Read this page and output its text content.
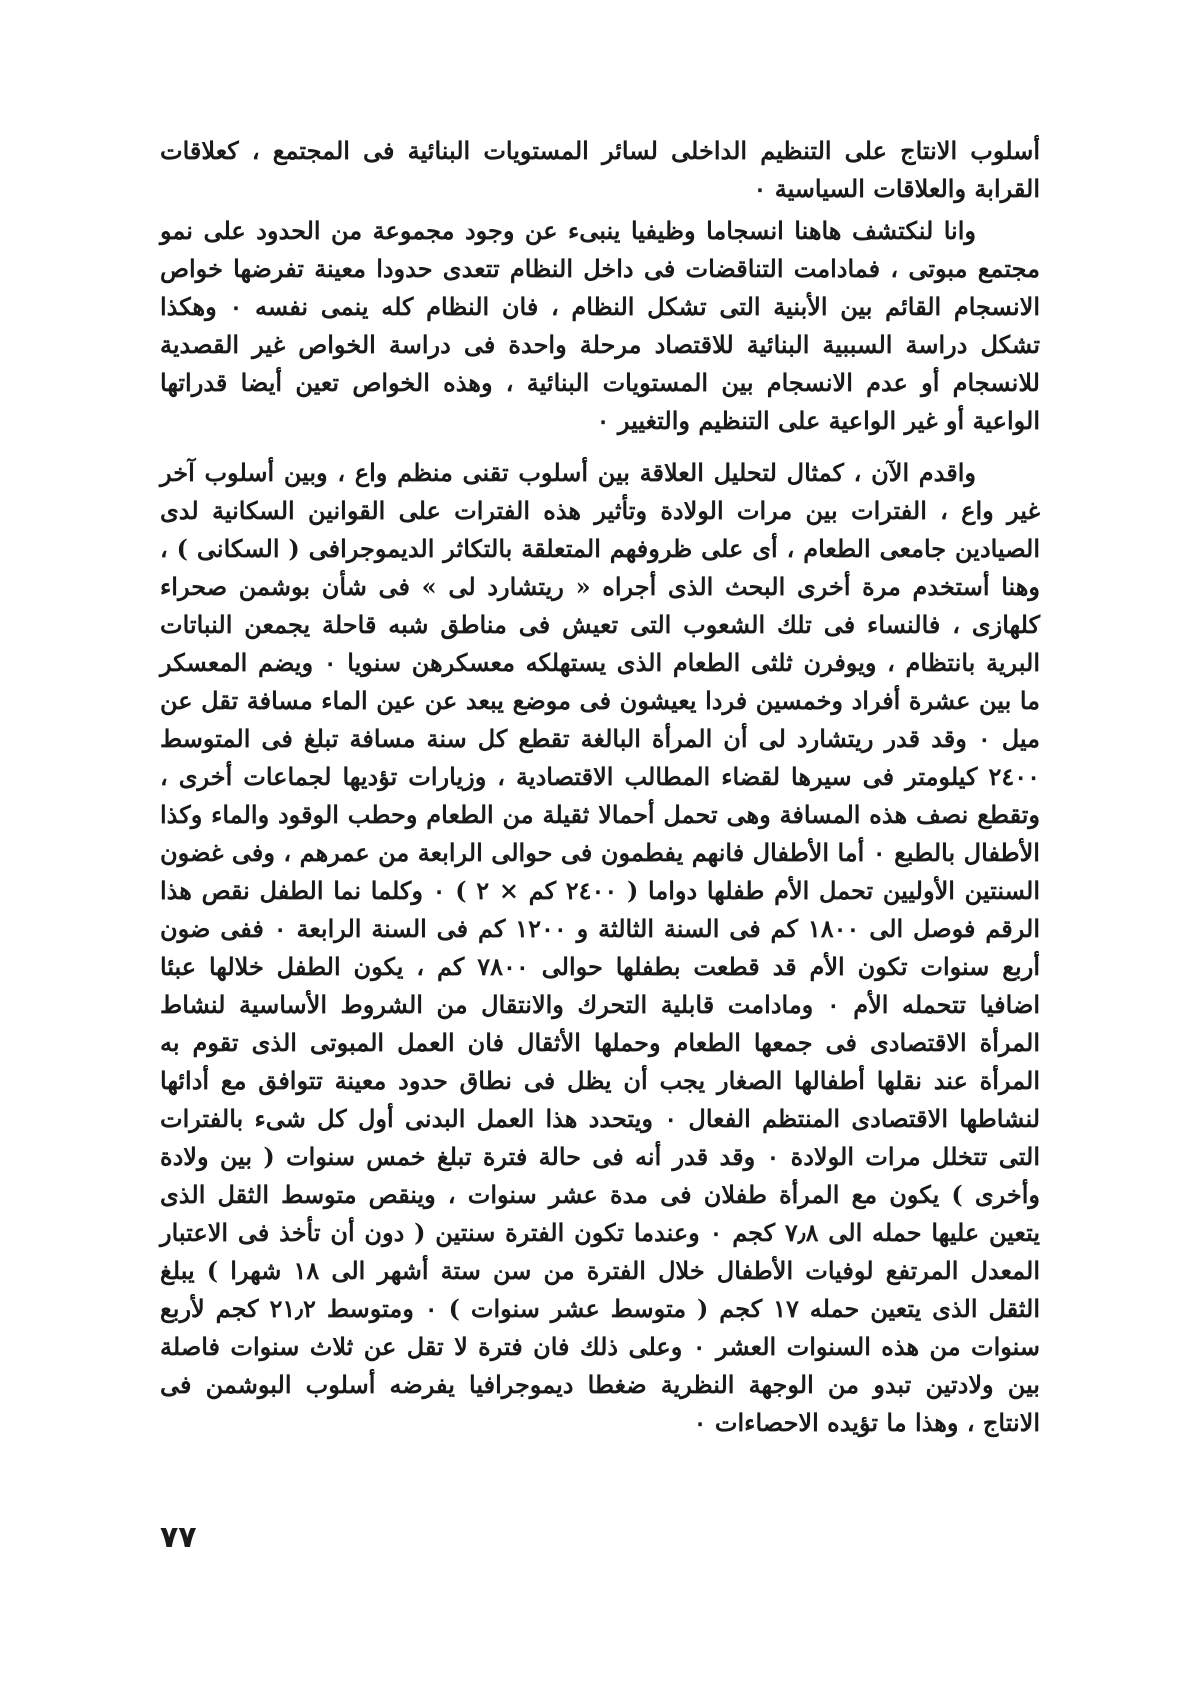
أسلوب الانتاج على التنظيم الداخلى لسائر المستويات البنائية فى المجتمع ، كعلاقات القرابة والعلاقات السياسية ٠

وانا لنكتشف هاهنا انسجاما وظيفيا ينبىء عن وجود مجموعة من الحدود على نمو مجتمع مبوتى ، فمادامت التناقضات فى داخل النظام تتعدى حدودا معينة تفرضها خواص الانسجام القائم بين الأبنية التى تشكل النظام ، فان النظام كله ينمى نفسه ٠ وهكذا تشكل دراسة السببية البنائية للاقتصاد مرحلة واحدة فى دراسة الخواص غير القصدية للانسجام أو عدم الانسجام بين المستويات البنائية ، وهذه الخواص تعين أيضا قدراتها الواعية أو غير الواعية على التنظيم والتغيير ٠

واقدم الآن ، كمثال لتحليل العلاقة بين أسلوب تقنى منظم واع ، وبين أسلوب آخر غير واع ، الفترات بين مرات الولادة وتأثير هذه الفترات على القوانين السكانية لدى الصيادين جامعى الطعام ، أى على ظروفهم المتعلقة بالتكاثر الديموجرافى ( السكانى ) ، وهنا أستخدم مرة أخرى البحث الذى أجراه « ريتشارد لى » فى شأن بوشمن صحراء كلهازى ، فالنساء فى تلك الشعوب التى تعيش فى مناطق شبه قاحلة يجمعن النباتات البرية بانتظام ، ويوفرن ثلثى الطعام الذى يستهلكه معسكرهن سنويا ٠ ويضم المعسكر ما بين عشرة أفراد وخمسين فردا يعيشون فى موضع يبعد عن عين الماء مسافة تقل عن ميل ٠ وقد قدر ريتشارد لى أن المرأة البالغة تقطع كل سنة مسافة تبلغ فى المتوسط ٢٤٠٠ كيلومتر فى سيرها لقضاء المطالب الاقتصادية ، وزيارات تؤديها لجماعات أخرى ، وتقطع نصف هذه المسافة وهى تحمل أحمالا ثقيلة من الطعام وحطب الوقود والماء وكذا الأطفال بالطبع ٠ أما الأطفال فانهم يفطمون فى حوالى الرابعة من عمرهم ، وفى غضون السنتين الأوليين تحمل الأم طفلها دواما ( ٢٤٠٠ كم × ٢ ) ٠ وكلما نما الطفل نقص هذا الرقم فوصل الى ١٨٠٠ كم فى السنة الثالثة و ١٢٠٠ كم فى السنة الرابعة ٠ ففى ضون أربع سنوات تكون الأم قد قطعت بطفلها حوالى ٧٨٠٠ كم ، يكون الطفل خلالها عبئا اضافيا تتحمله الأم ٠ ومادامت قابلية التحرك والانتقال من الشروط الأساسية لنشاط المرأة الاقتصادى فى جمعها الطعام وحملها الأثقال فان العمل المبوتى الذى تقوم به المرأة عند نقلها أطفالها الصغار يجب أن يظل فى نطاق حدود معينة تتوافق مع أدائها لنشاطها الاقتصادى المنتظم الفعال ٠ ويتحدد هذا العمل البدنى أول كل شىء بالفترات التى تتخلل مرات الولادة ٠ وقد قدر أنه فى حالة فترة تبلغ خمس سنوات ( بين ولادة وأخرى ) يكون مع المرأة طفلان فى مدة عشر سنوات ، وينقص متوسط الثقل الذى يتعين عليها حمله الى ٧٫٨ كجم ٠ وعندما تكون الفترة سنتين ( دون أن تأخذ فى الاعتبار المعدل المرتفع لوفيات الأطفال خلال الفترة من سن ستة أشهر الى ١٨ شهرا ) يبلغ الثقل الذى يتعين حمله ١٧ كجم ( متوسط عشر سنوات ) ٠ ومتوسط ٢١٫٢ كجم لأربع سنوات من هذه السنوات العشر ٠ وعلى ذلك فان فترة لا تقل عن ثلاث سنوات فاصلة بين ولادتين تبدو من الوجهة النظرية ضغطا ديموجرافيا يفرضه أسلوب البوشمن فى الانتاج ، وهذا ما تؤيده الاحصاءات ٠

٧٧
